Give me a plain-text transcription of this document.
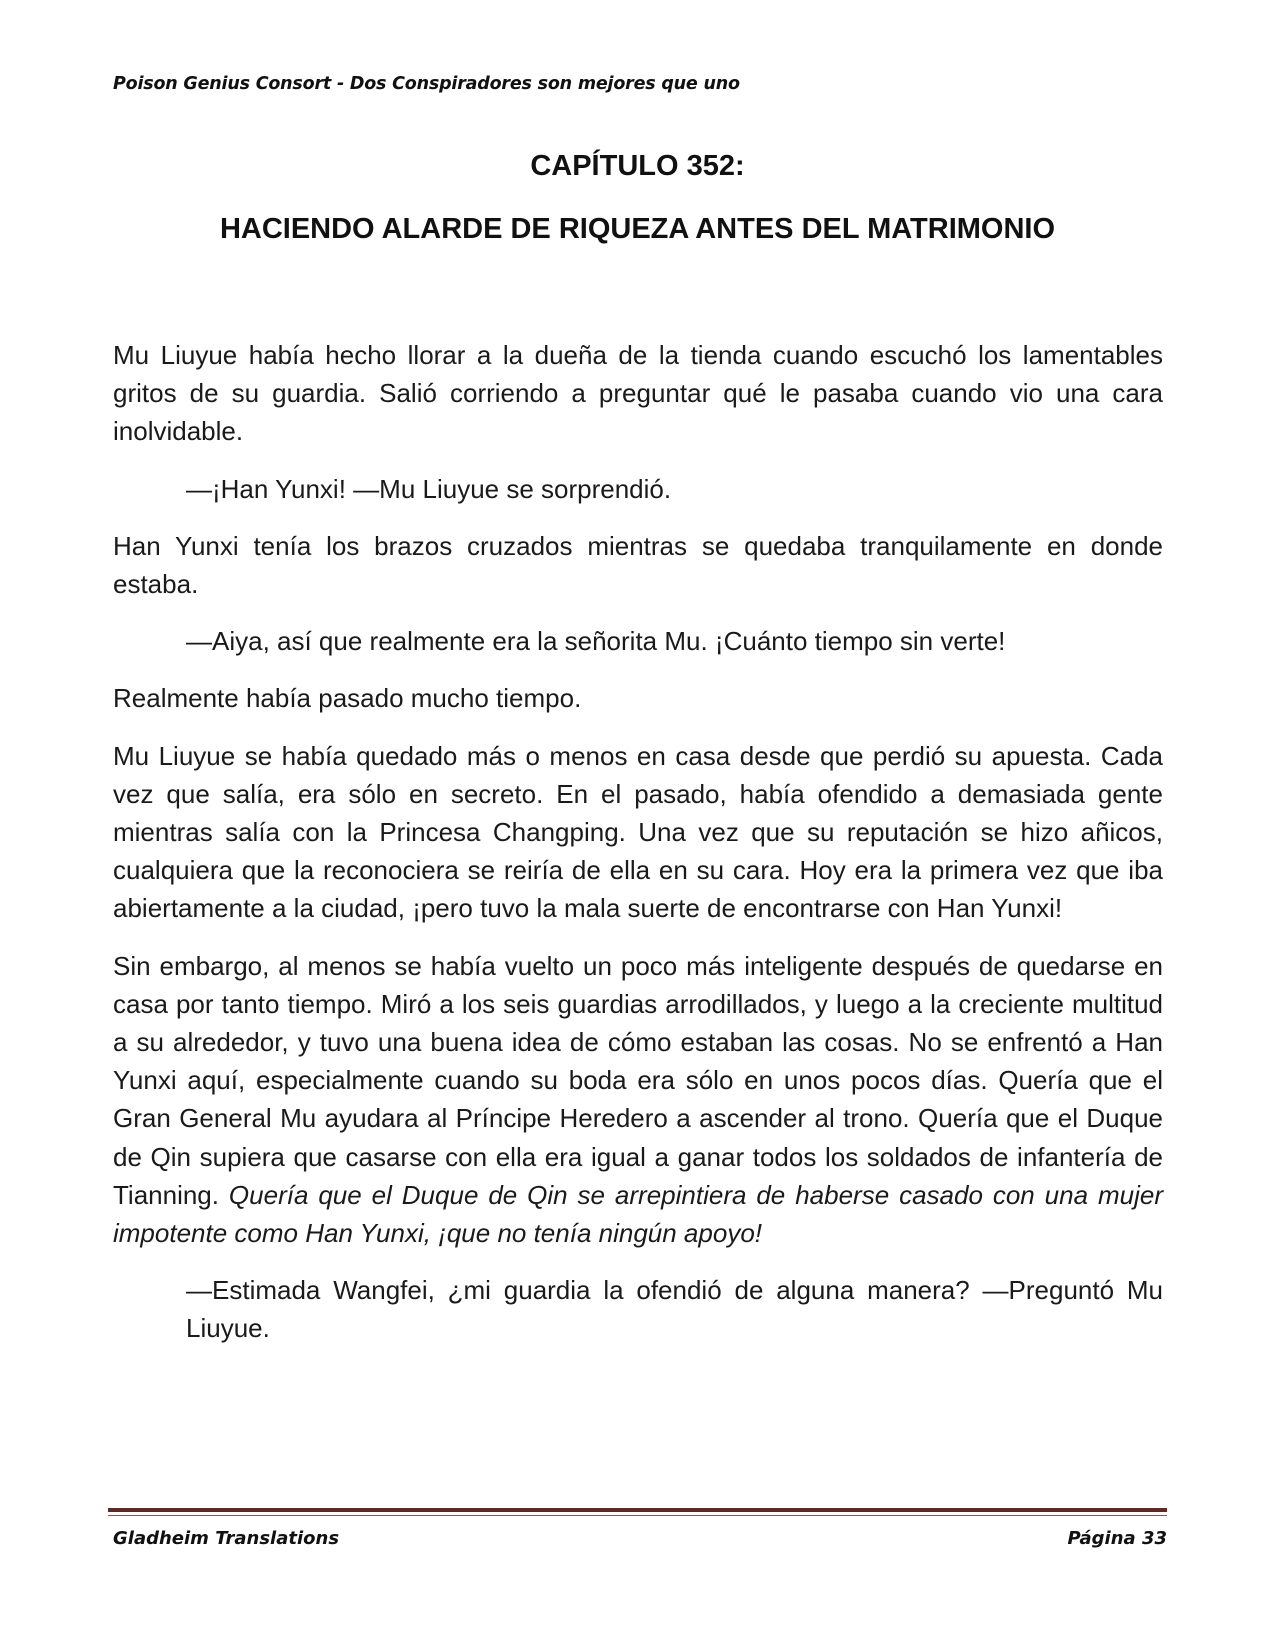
Poison Genius Consort - Dos Conspiradores son mejores que uno
CAPÍTULO 352:
HACIENDO ALARDE DE RIQUEZA ANTES DEL MATRIMONIO

Mu Liuyue había hecho llorar a la dueña de la tienda cuando escuchó los lamentables gritos de su guardia. Salió corriendo a preguntar qué le pasaba cuando vio una cara inolvidable.

—¡Han Yunxi! —Mu Liuyue se sorprendió.

Han Yunxi tenía los brazos cruzados mientras se quedaba tranquilamente en donde estaba.

—Aiya, así que realmente era la señorita Mu. ¡Cuánto tiempo sin verte!

Realmente había pasado mucho tiempo.

Mu Liuyue se había quedado más o menos en casa desde que perdió su apuesta. Cada vez que salía, era sólo en secreto. En el pasado, había ofendido a demasiada gente mientras salía con la Princesa Changping. Una vez que su reputación se hizo añicos, cualquiera que la reconociera se reiría de ella en su cara. Hoy era la primera vez que iba abiertamente a la ciudad, ¡pero tuvo la mala suerte de encontrarse con Han Yunxi!

Sin embargo, al menos se había vuelto un poco más inteligente después de quedarse en casa por tanto tiempo. Miró a los seis guardias arrodillados, y luego a la creciente multitud a su alrededor, y tuvo una buena idea de cómo estaban las cosas. No se enfrentó a Han Yunxi aquí, especialmente cuando su boda era sólo en unos pocos días. Quería que el Gran General Mu ayudara al Príncipe Heredero a ascender al trono. Quería que el Duque de Qin supiera que casarse con ella era igual a ganar todos los soldados de infantería de Tianning. Quería que el Duque de Qin se arrepintiera de haberse casado con una mujer impotente como Han Yunxi, ¡que no tenía ningún apoyo!

—Estimada Wangfei, ¿mi guardia la ofendió de alguna manera? —Preguntó Mu Liuyue.

Gladheim Translations	Página 33
